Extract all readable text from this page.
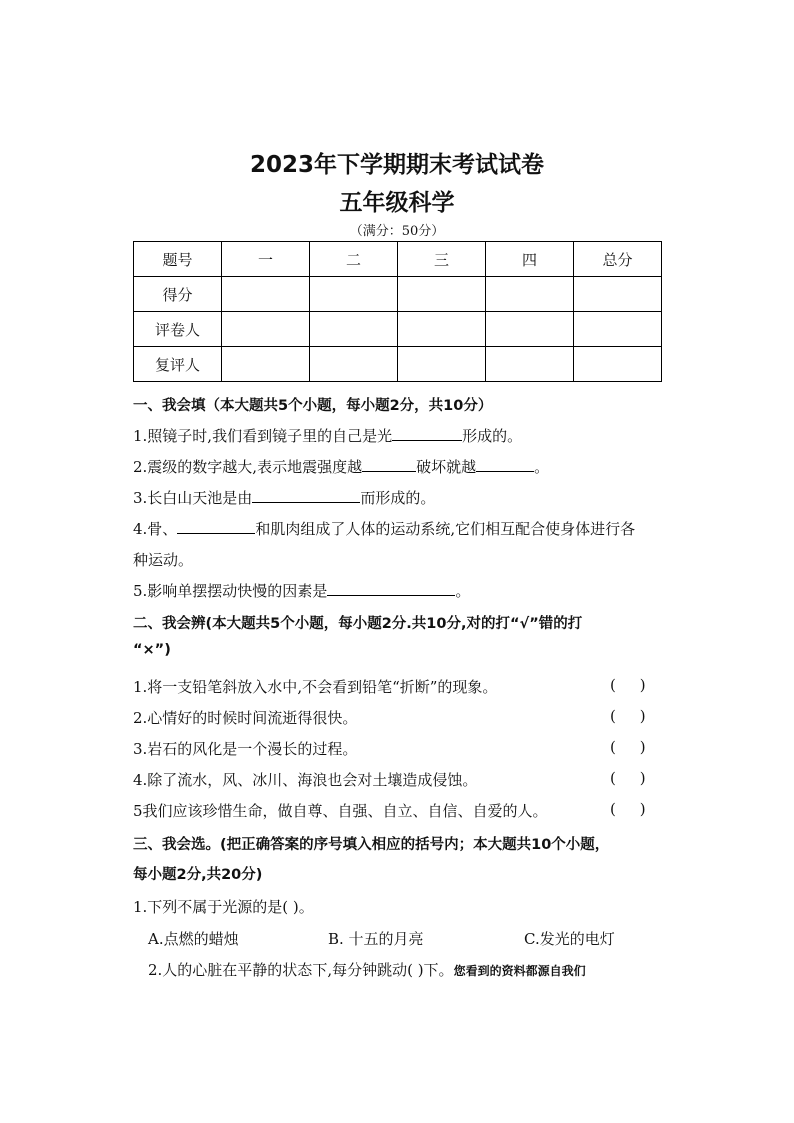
2023年下学期期末考试试卷
五年级科学
（满分：50分）
题号	一	二	三	四	总分
得分					
评卷人					
复评人					
一、我会填（本大题共5个小题，每小题2分，共10分）
1.照镜子时,我们看到镜子里的自己是光	形成的。
2.震级的数字越大,表示地震强度越	破坏就越	。
3.长白山天池是由	而形成的。
4.骨、	和肌肉组成了人体的运动系统,它们相互配合使身体进行各
种运动。
5.影响单摆摆动快慢的因素是	。
二、我会辨(本大题共5个小题，每小题2分.共10分,对的打“√”错的打
“×”)
1.将一支铅笔斜放入水中,不会看到铅笔“折断”的现象。	(     )
2.心情好的时候时间流逝得很快。	(     )
3.岩石的风化是一个漫长的过程。	(     )
4.除了流水，风、冰川、海浪也会对土壤造成侵蚀。	(     )
5我们应该珍惜生命，做自尊、自强、自立、自信、自爱的人。	(     )
三、我会选。(把正确答案的序号填入相应的括号内；本大题共10个小题，
每小题2分,共20分)
1.下列不属于光源的是( )。
A.点燃的蜡烛	B. 十五的月亮	C.发光的电灯
2.人的心脏在平静的状态下,每分钟跳动( )下。您看到的资料都源自我们
